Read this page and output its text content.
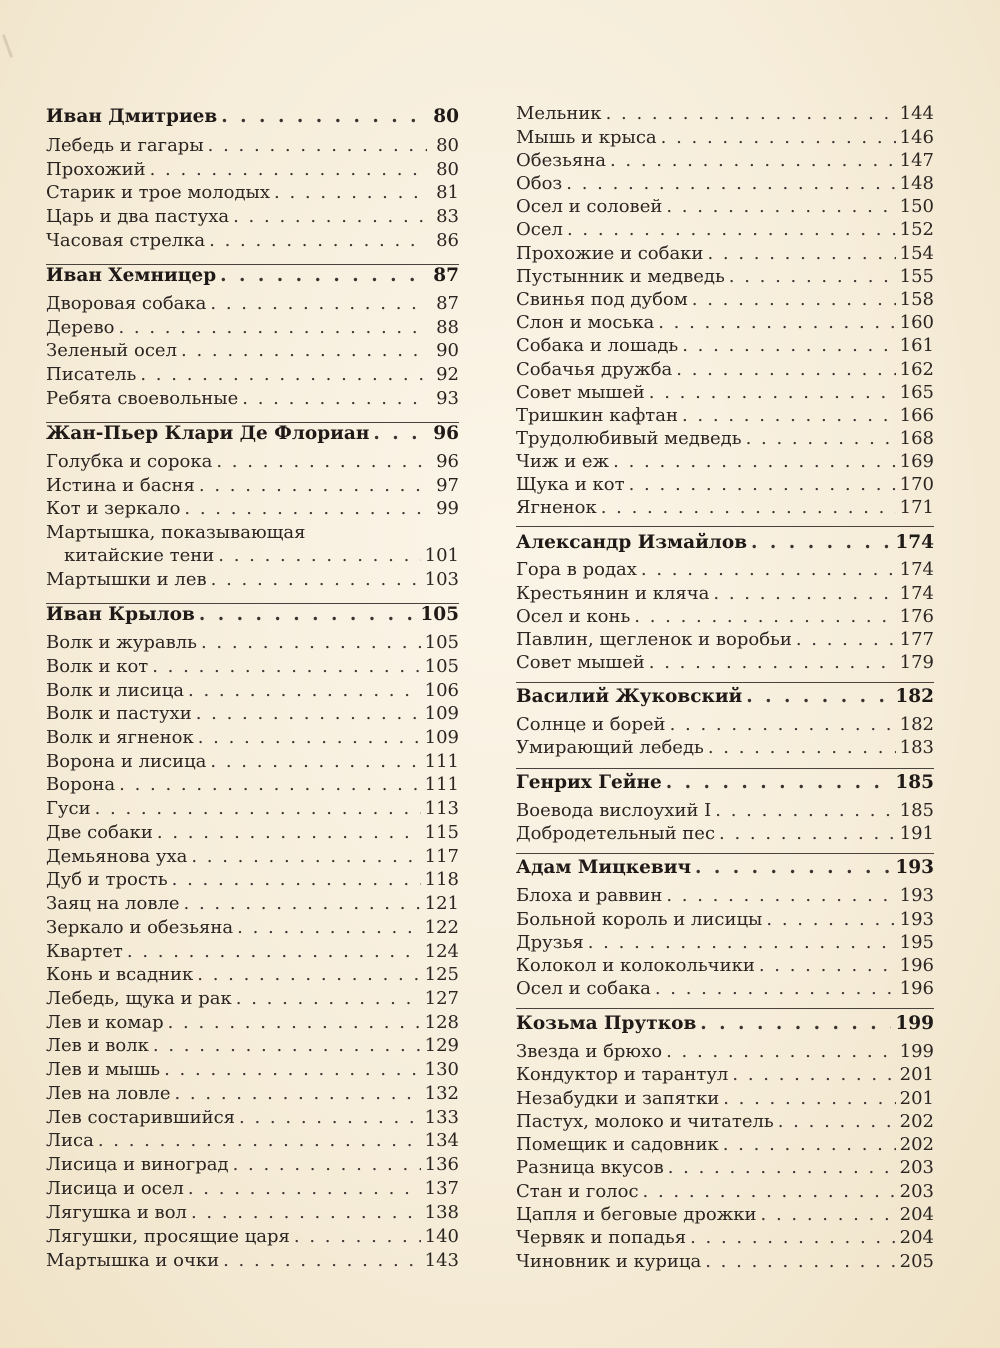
Иван Дмитриев . . .	80
Лебедь и гагары . . .	80
Прохожий . . .	80
Старик и трое молодых . . .	81
Царь и два пастуха . . .	83
Часовая стрелка . . .	86
Иван Хемницер . . .	87
Дворовая собака . . .	87
Дерево . . .	88
Зеленый осел . . .	90
Писатель . . .	92
Ребята своевольные . . .	93
Жан-Пьер Клари Де Флориан . . .	96
Голубка и сорока . . .	96
Истина и басня . . .	97
Кот и зеркало . . .	99
Мартышка, показывающая
китайские тени . . .	101
Мартышки и лев . . .	103
Иван Крылов . . .	105
Волк и журавль . . .	105
Волк и кот . . .	105
Волк и лисица . . .	106
Волк и пастухи . . .	109
Волк и ягненок . . .	109
Ворона и лисица . . .	111
Ворона . . .	111
Гуси . . .	113
Две собаки . . .	115
Демьянова уха . . .	117
Дуб и трость . . .	118
Заяц на ловле . . .	121
Зеркало и обезьяна . . .	122
Квартет . . .	124
Конь и всадник . . .	125
Лебедь, щука и рак . . .	127
Лев и комар . . .	128
Лев и волк . . .	129
Лев и мышь . . .	130
Лев на ловле . . .	132
Лев состарившийся . . .	133
Лиса . . .	134
Лисица и виноград . . .	136
Лисица и осел . . .	137
Лягушка и вол . . .	138
Лягушки, просящие царя . . .	140
Мартышка и очки . . .	143
Мельник . . .	144
Мышь и крыса . . .	146
Обезьяна . . .	147
Обоз . . .	148
Осел и соловей . . .	150
Осел . . .	152
Прохожие и собаки . . .	154
Пустынник и медведь . . .	155
Свинья под дубом . . .	158
Слон и моська . . .	160
Собака и лошадь . . .	161
Собачья дружба . . .	162
Совет мышей . . .	165
Тришкин кафтан . . .	166
Трудолюбивый медведь . . .	168
Чиж и еж . . .	169
Щука и кот . . .	170
Ягненок . . .	171
Александр Измайлов . . .	174
Гора в родах . . .	174
Крестьянин и кляча . . .	174
Осел и конь . . .	176
Павлин, щегленок и воробьи . . .	177
Совет мышей . . .	179
Василий Жуковский . . .	182
Солнце и борей . . .	182
Умирающий лебедь . . .	183
Генрих Гейне . . .	185
Воевода вислоухий I . . .	185
Добродетельный пес . . .	191
Адам Мицкевич . . .	193
Блоха и раввин . . .	193
Больной король и лисицы . . .	193
Друзья . . .	195
Колокол и колокольчики . . .	196
Осел и собака . . .	196
Козьма Прутков . . .	199
Звезда и брюхо . . .	199
Кондуктор и тарантул . . .	201
Незабудки и запятки . . .	201
Пастух, молоко и читатель . . .	202
Помещик и садовник . . .	202
Разница вкусов . . .	203
Стан и голос . . .	203
Цапля и беговые дрожки . . .	204
Червяк и попадья . . .	204
Чиновник и курица . . .	205
